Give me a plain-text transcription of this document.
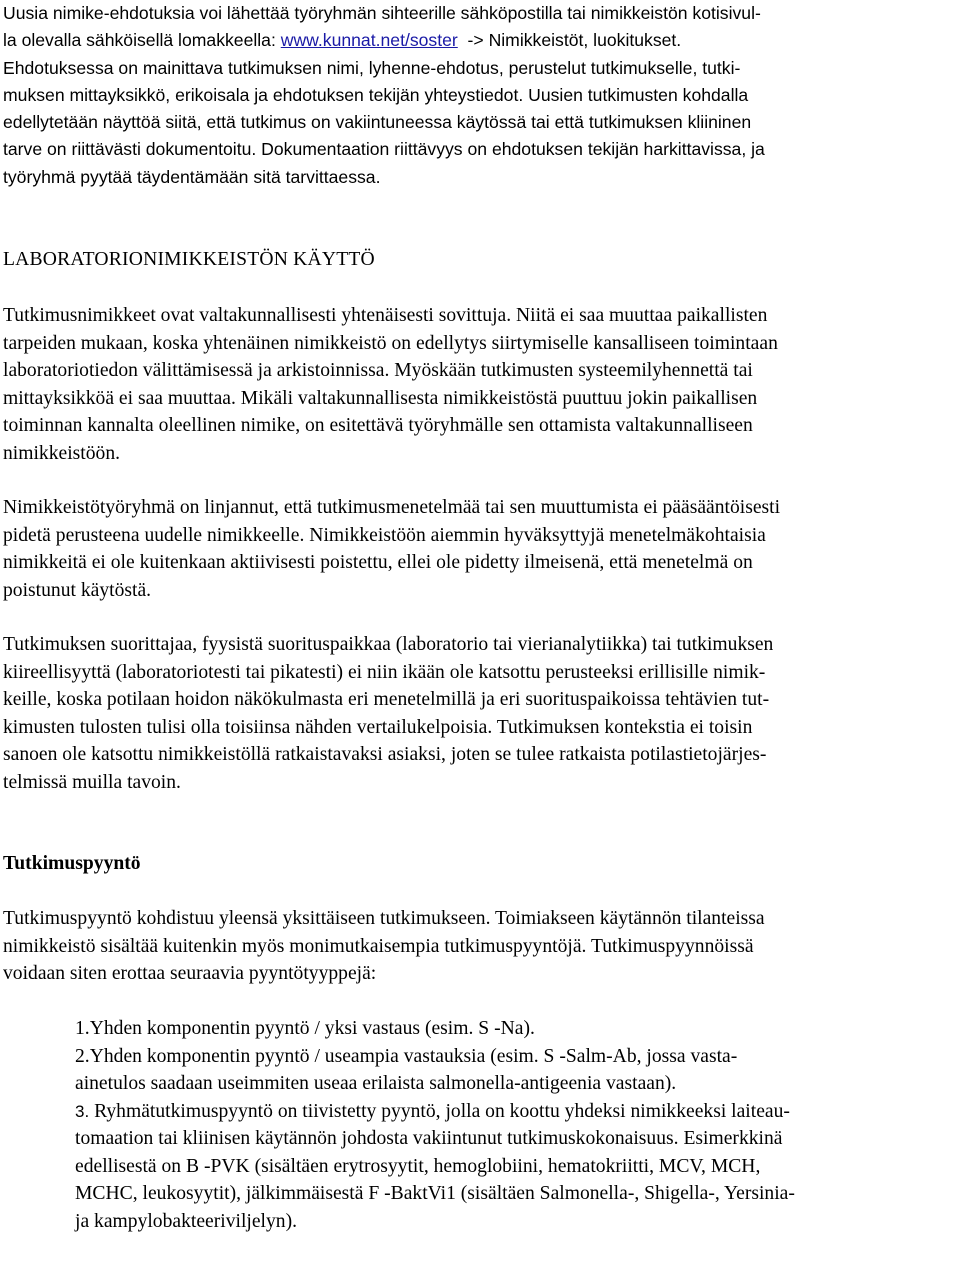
Uusia nimike-ehdotuksia voi lähettää työryhmän sihteerille sähköpostilla tai nimikkeistön kotisivul-
la olevalla sähköisellä lomakkeella: www.kunnat.net/soster  -> Nimikkeistöt, luokitukset.
Ehdotuksessa on mainittava tutkimuksen nimi, lyhenne-ehdotus, perustelut tutkimukselle, tutki-
muksen mittayksikkö, erikoisala ja ehdotuksen tekijän yhteystiedot. Uusien tutkimusten kohdalla
edellytetään näyttöä siitä, että tutkimus on vakiintuneessa käytössä tai että tutkimuksen kliininen
tarve on riittävästi dokumentoitu. Dokumentaation riittävyys on ehdotuksen tekijän harkittavissa, ja
työryhmä pyytää täydentämään sitä tarvittaessa.
LABORATORIONIMIKKEISTÖN KÄYTTÖ
Tutkimusnimikkeet ovat valtakunnallisesti yhtenäisesti sovittuja. Niitä ei saa muuttaa paikallisten
tarpeiden mukaan, koska yhtenäinen nimikkeistö on edellytys siirtymiselle kansalliseen toimintaan
laboratoriotiedon välittämisessä ja arkistoinnissa. Myöskään tutkimusten systeemilyhennettä tai
mittayksikköä ei saa muuttaa. Mikäli valtakunnallisesta nimikkeistöstä puuttuu jokin paikallisen
toiminnan kannalta oleellinen nimike, on esitettävä työryhmälle sen ottamista valtakunnalliseen
nimikkeistöön.
Nimikkeistötyöryhmä on linjannut, että tutkimusmenetelmää tai sen muuttumista ei pääsääntöisesti
pidetä perusteena uudelle nimikkeelle. Nimikkeistöön aiemmin hyväksyttyjä menetelmäkohtaisia
nimikkeitä ei ole kuitenkaan aktiivisesti poistettu, ellei ole pidetty ilmeisenä, että menetelmä on
poistunut käytöstä.
Tutkimuksen suorittajaa, fyysistä suorituspaikkaa (laboratorio tai vierianalytiikka) tai tutkimuksen
kiireellisyyttä (laboratoriotesti tai pikatesti) ei niin ikään ole katsottu perusteeksi erillisille nimik-
keille, koska potilaan hoidon näkökulmasta eri menetelmillä ja eri suorituspaikoissa tehtävien tut-
kimusten tulosten tulisi olla toisiinsa nähden vertailukelpoisia. Tutkimuksen kontekstia ei toisin
sanoen ole katsottu nimikkeistöllä ratkaistavaksi asiaksi, joten se tulee ratkaista potilastietojärjes-
telmissä muilla tavoin.
Tutkimuspyyntö
Tutkimuspyyntö kohdistuu yleensä yksittäiseen tutkimukseen. Toimiakseen käytännön tilanteissa
nimikkeistö sisältää kuitenkin myös monimutkaisempia tutkimuspyyntöjä. Tutkimuspyynnöissä
voidaan siten erottaa seuraavia pyyntötyyppejä:
1.Yhden komponentin pyyntö / yksi vastaus (esim. S -Na).
2.Yhden komponentin pyyntö / useampia vastauksia (esim. S -Salm-Ab, jossa vasta-
ainetulos saadaan useimmiten useaa erilaista salmonella-antigeenia vastaan).
3. Ryhmätutkimuspyyntö on tiivistetty pyyntö, jolla on koottu yhdeksi nimikkeeksi laiteau-
tomaation tai kliinisen käytännön johdosta vakiintunut tutkimuskokonaisuus. Esimerkkinä
edellisestä on B -PVK (sisältäen erytrosyytit, hemoglobiini, hematokriitti, MCV, MCH,
MCHC, leukosyytit), jälkimmäisestä F -BaktVi1 (sisältäen Salmonella-, Shigella-, Yersinia-
ja kampylobakteeriviljelyn).
